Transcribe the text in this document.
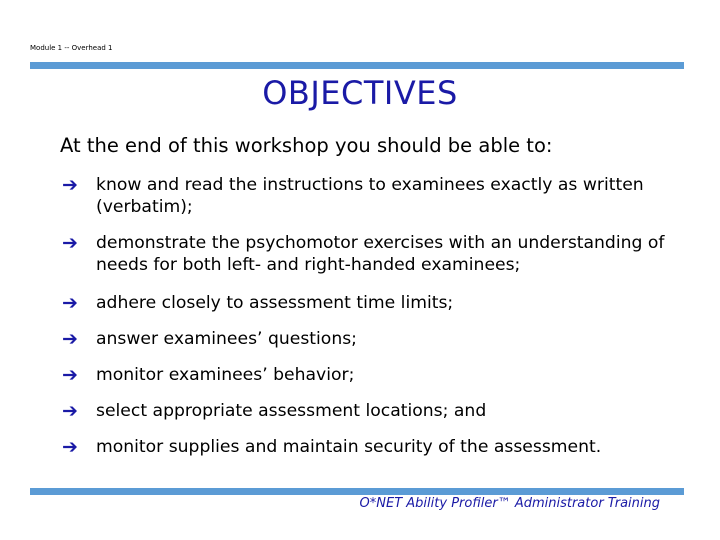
Module 1 -- Overhead 1
OBJECTIVES
At the end of this workshop you should be able to:
➔	know and read the instructions to examinees exactly as written (verbatim);
➔	demonstrate the psychomotor exercises with an understanding of needs for both left- and right-handed examinees;
➔	adhere closely to assessment time limits;
➔	answer examinees’ questions;
➔	monitor examinees’ behavior;
➔	select appropriate assessment locations; and
➔	monitor supplies and maintain security of the assessment.
O*NET Ability Profiler™ Administrator Training
